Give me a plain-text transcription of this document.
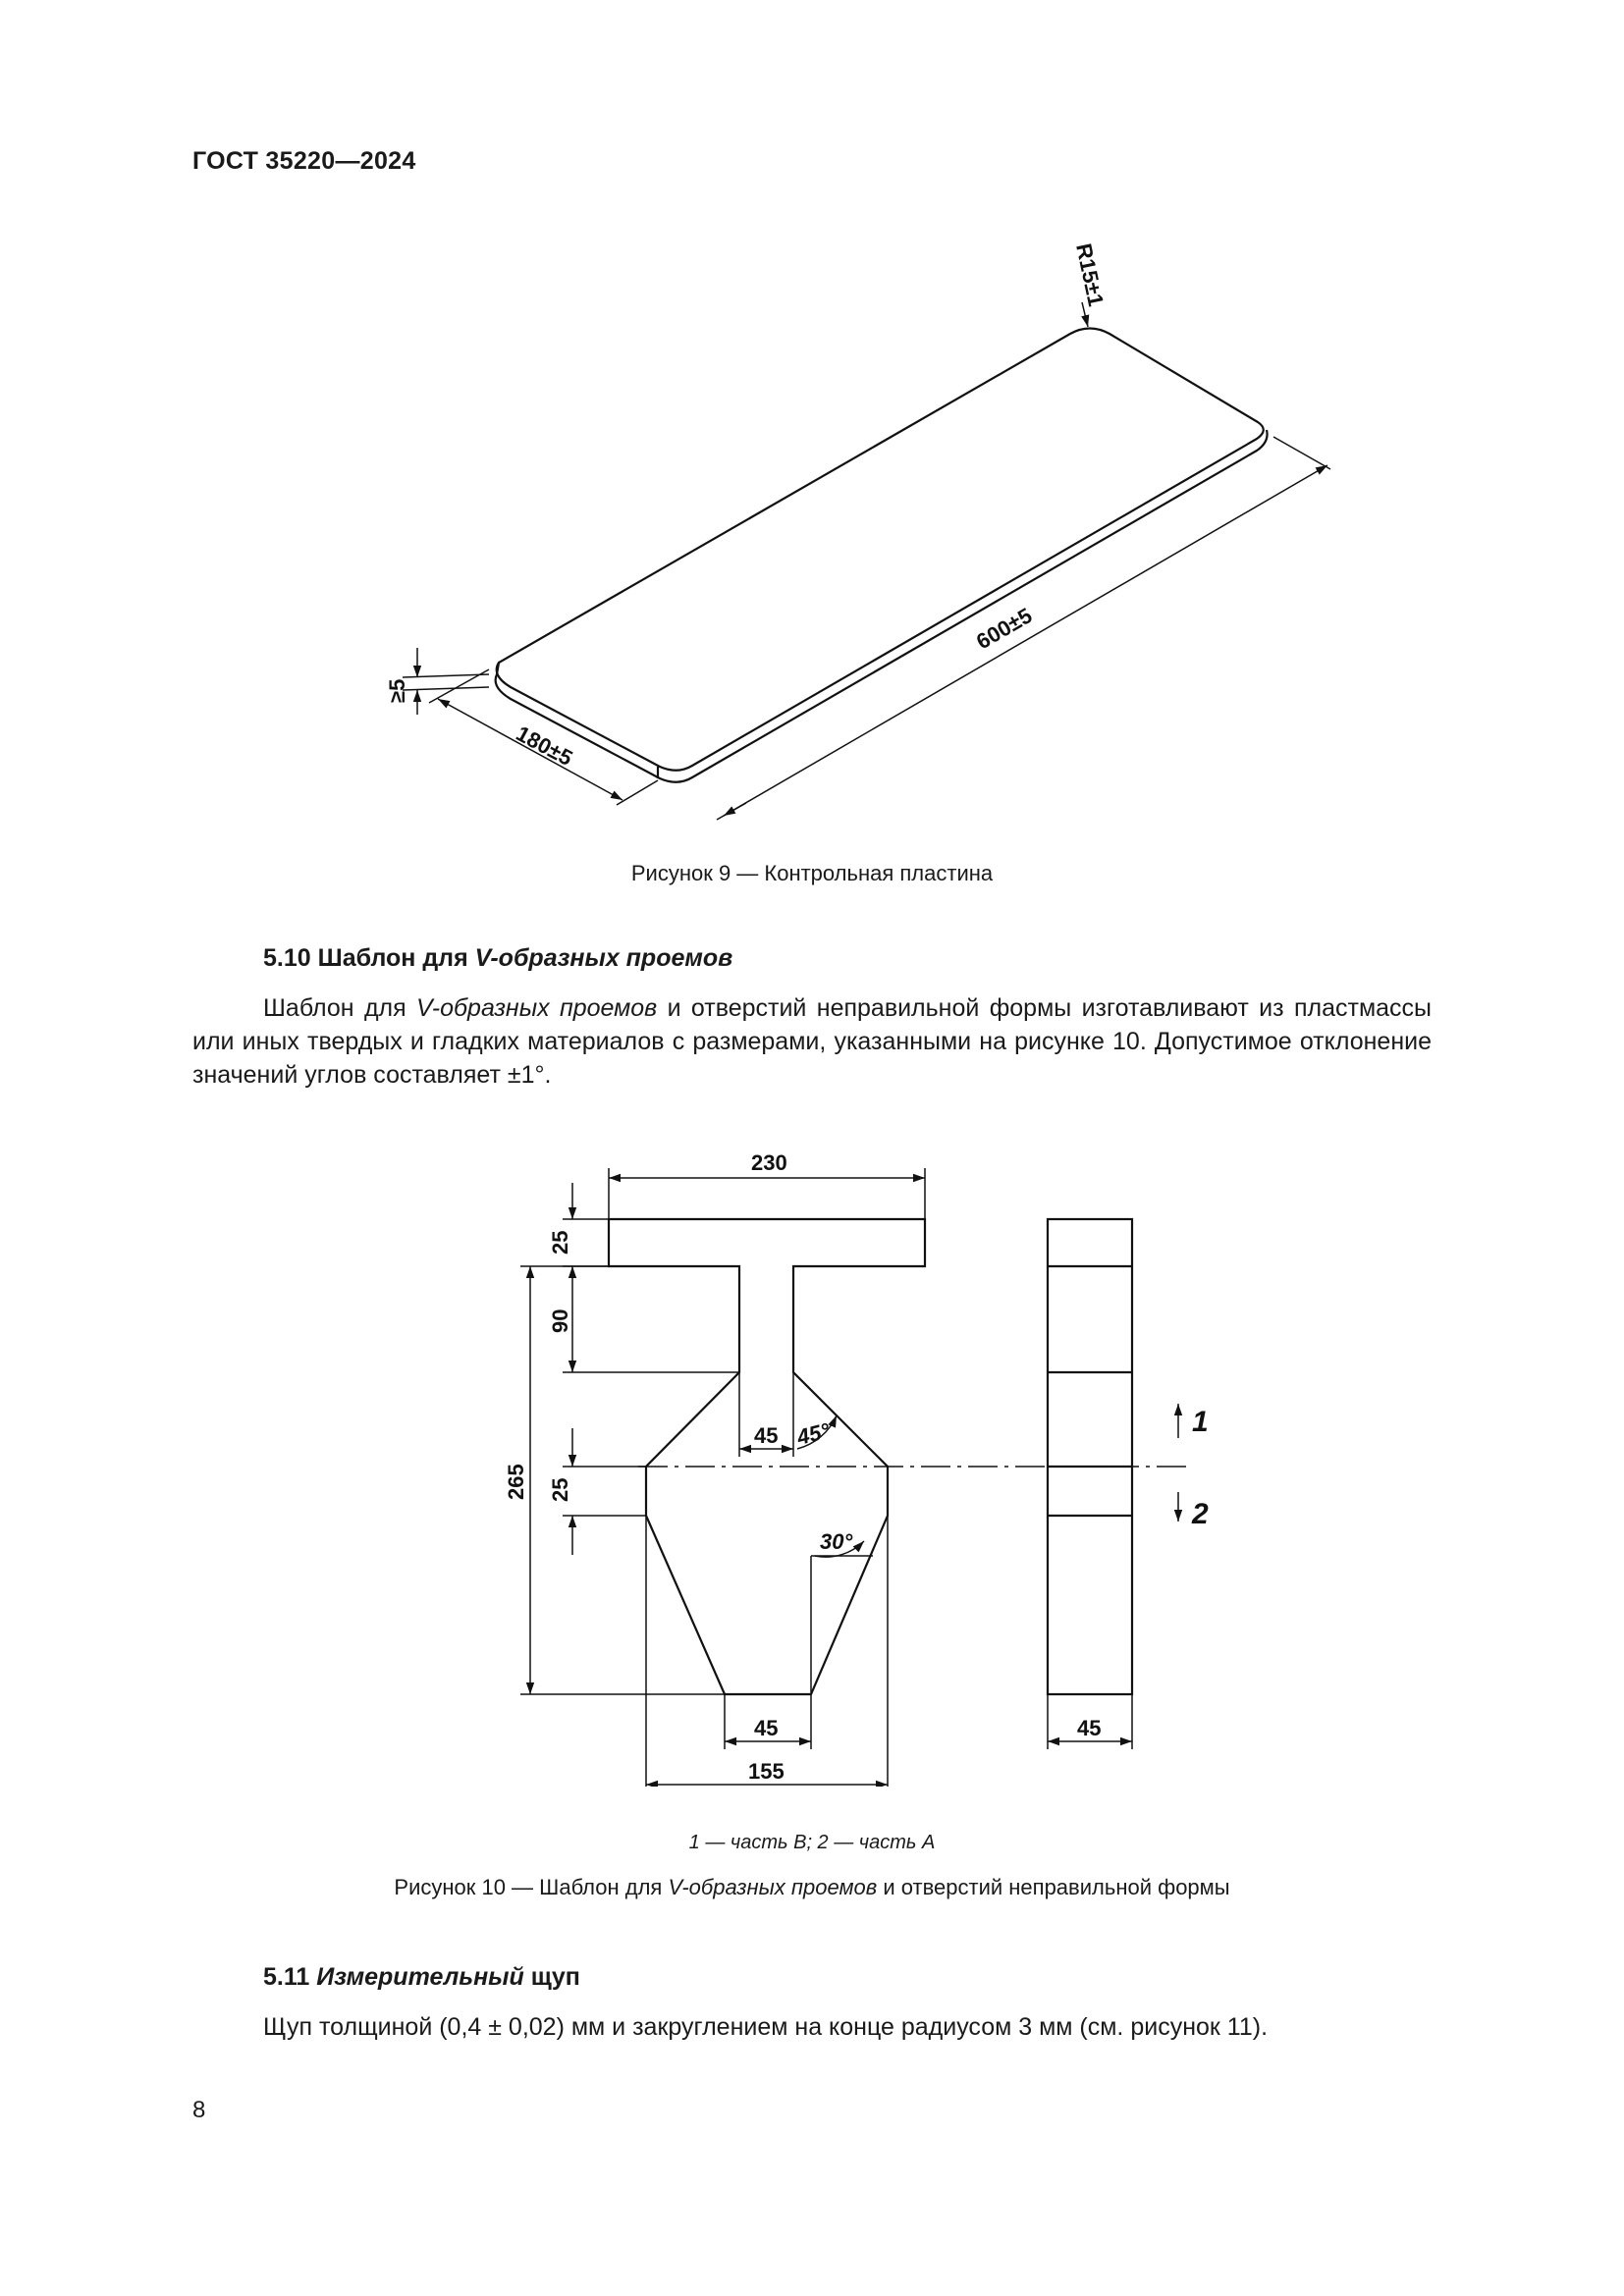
ГОСТ 35220—2024
R15±1
600±5
180±5
≥5
Рисунок 9 — Контрольная пластина
5.10 Шаблон для V-образных проемов
Шаблон для V-образных проемов и отверстий неправильной формы изготавливают из пластмассы или иных твердых и гладких материалов с размерами, указанными на рисунке 10. Допустимое отклонение значений углов составляет ±1°.
230
25
90
265 25
45 45°
30°
45
155
45
1
2
1 — часть B; 2 — часть A
Рисунок 10 — Шаблон для V-образных проемов и отверстий неправильной формы
5.11 Измерительный щуп
Щуп толщиной (0,4 ± 0,02) мм и закруглением на конце радиусом 3 мм (см. рисунок 11).
8
